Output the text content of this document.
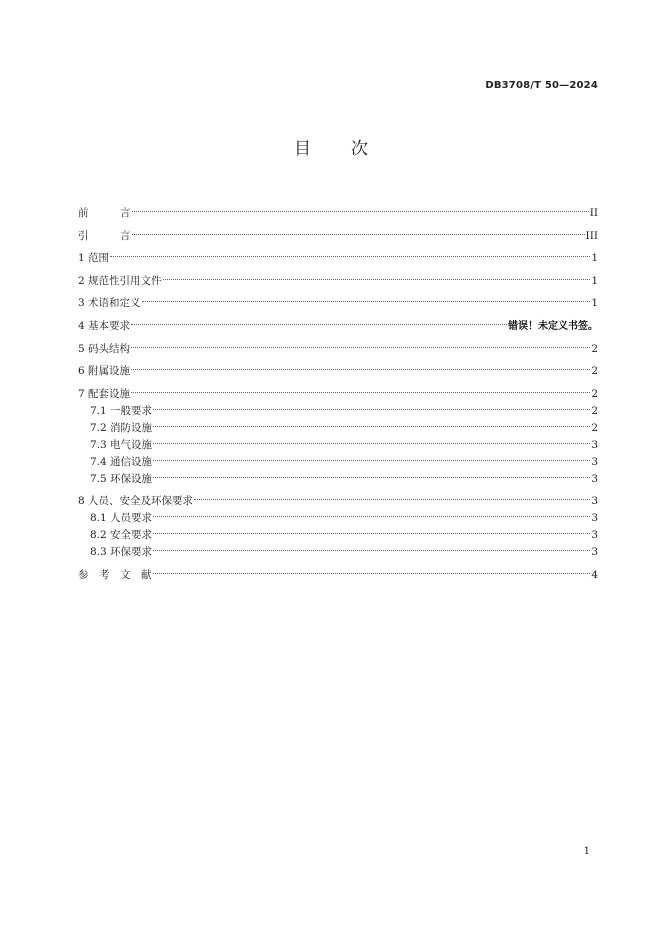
DB3708/T 50—2024
目 次
前　　　言	II
引　　　言	III
1 范围	1
2 规范性引用文件	1
3 术语和定义	1
4 基本要求	错误！未定义书签。
5 码头结构	2
6 附属设施	2
7 配套设施	2
7.1 一般要求	2
7.2 消防设施	2
7.3 电气设施	3
7.4 通信设施	3
7.5 环保设施	3
8 人员、安全及环保要求	3
8.1 人员要求	3
8.2 安全要求	3
8.3 环保要求	3
参　考　文　献	4
1
